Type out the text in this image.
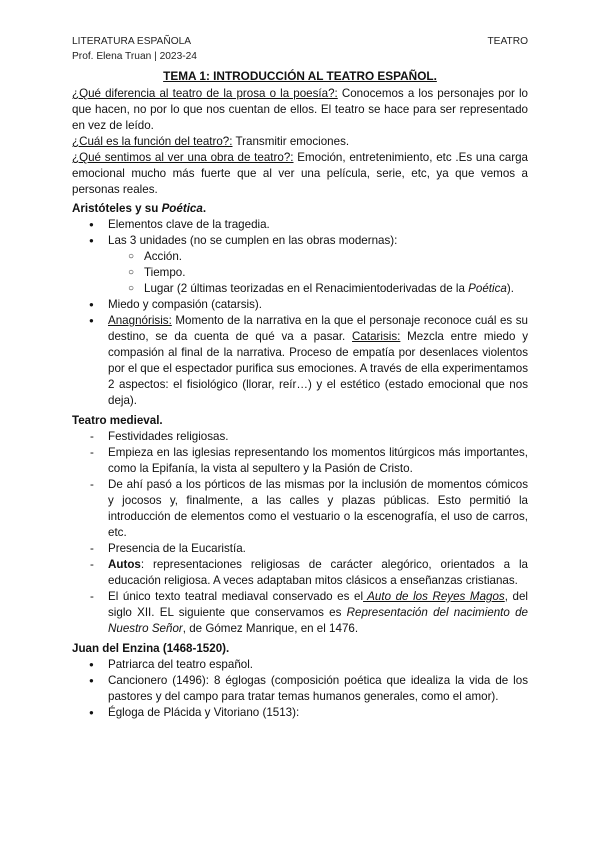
LITERATURA ESPAÑOLA	TEATRO
Prof. Elena Truan | 2023-24
TEMA 1: INTRODUCCIÓN AL TEATRO ESPAÑOL.

¿Qué diferencia al teatro de la prosa o la poesía?: Conocemos a los personajes por lo que hacen, no por lo que nos cuentan de ellos. El teatro se hace para ser representado en vez de leído.

¿Cuál es la función del teatro?: Transmitir emociones.

¿Qué sentimos al ver una obra de teatro?: Emoción, entretenimiento, etc .Es una carga emocional mucho más fuerte que al ver una película, serie, etc, ya que vemos a personas reales.

Aristóteles y su Poética.
● Elementos clave de la tragedia.
● Las 3 unidades (no se cumplen en las obras modernas):
○ Acción.
○ Tiempo.
○ Lugar (2 últimas teorizadas en el Renacimientoderivadas de la Poética).
● Miedo y compasión (catarsis).
● Anagnórisis: Momento de la narrativa en la que el personaje reconoce cuál es su destino, se da cuenta de qué va a pasar. Catarisis: Mezcla entre miedo y compasión al final de la narrativa. Proceso de empatía por desenlaces violentos por el que el espectador purifica sus emociones. A través de ella experimentamos 2 aspectos: el fisiológico (llorar, reír…) y el estético (estado emocional que nos deja).
Teatro medieval.
- Festividades religiosas.
- Empieza en las iglesias representando los momentos litúrgicos más importantes, como la Epifanía, la vista al sepultero y la Pasión de Cristo.
- De ahí pasó a los pórticos de las mismas por la inclusión de momentos cómicos y jocosos y, finalmente, a las calles y plazas públicas. Esto permitió la introducción de elementos como el vestuario o la escenografía, el uso de carros, etc.
- Presencia de la Eucaristía.
- Autos: representaciones religiosas de carácter alegórico, orientados a la educación religiosa. A veces adaptaban mitos clásicos a enseñanzas cristianas.
- El único texto teatral mediaval conservado es el Auto de los Reyes Magos, del siglo XII. EL siguiente que conservamos es Representación del nacimiento de Nuestro Señor, de Gómez Manrique, en el 1476.
Juan del Enzina (1468-1520).
● Patriarca del teatro español.
● Cancionero (1496): 8 églogas (composición poética que idealiza la vida de los pastores y del campo para tratar temas humanos generales, como el amor).
● Égloga de Plácida y Vitoriano (1513):
